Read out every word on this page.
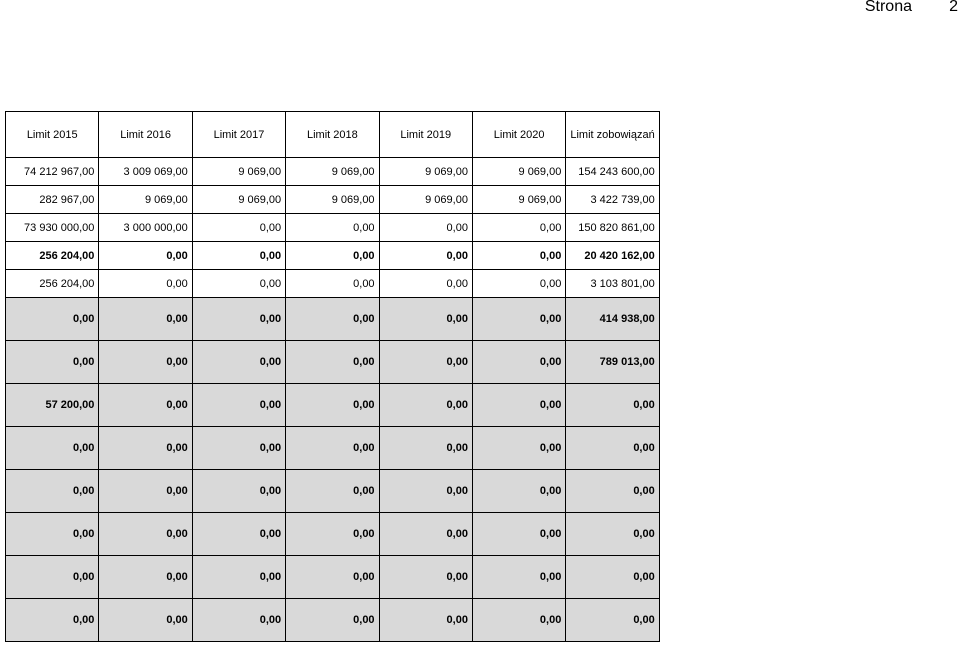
Strona 2
Limit 2015	Limit 2016	Limit 2017	Limit 2018	Limit 2019	Limit 2020	Limit zobowiązań
74 212 967,00	3 009 069,00	9 069,00	9 069,00	9 069,00	9 069,00	154 243 600,00
282 967,00	9 069,00	9 069,00	9 069,00	9 069,00	9 069,00	3 422 739,00
73 930 000,00	3 000 000,00	0,00	0,00	0,00	0,00	150 820 861,00
256 204,00	0,00	0,00	0,00	0,00	0,00	20 420 162,00
256 204,00	0,00	0,00	0,00	0,00	0,00	3 103 801,00
0,00	0,00	0,00	0,00	0,00	0,00	414 938,00
0,00	0,00	0,00	0,00	0,00	0,00	789 013,00
57 200,00	0,00	0,00	0,00	0,00	0,00	0,00
0,00	0,00	0,00	0,00	0,00	0,00	0,00
0,00	0,00	0,00	0,00	0,00	0,00	0,00
0,00	0,00	0,00	0,00	0,00	0,00	0,00
0,00	0,00	0,00	0,00	0,00	0,00	0,00
0,00	0,00	0,00	0,00	0,00	0,00	0,00
